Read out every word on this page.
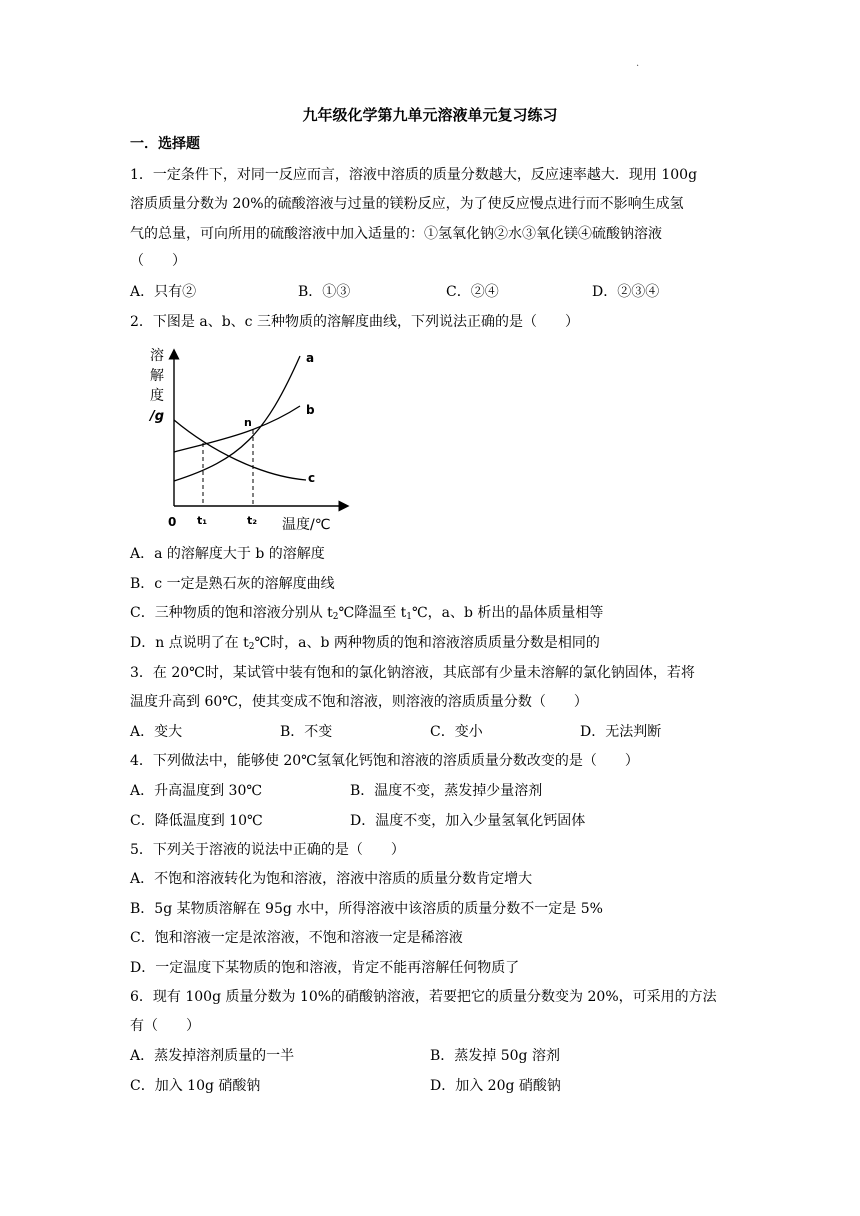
.
九年级化学第九单元溶液单元复习练习
一．选择题
1．一定条件下，对同一反应而言，溶液中溶质的质量分数越大，反应速率越大．现用 100g
溶质质量分数为 20%的硫酸溶液与过量的镁粉反应，为了使反应慢点进行而不影响生成氢
气的总量，可向所用的硫酸溶液中加入适量的：①氢氧化钠②水③氧化镁④硫酸钠溶液
（　　）
A．只有②	B．①③	C．②④	D．②③④
2．下图是 a、b、c 三种物质的溶解度曲线，下列说法正确的是（　　）
溶
解
度
/g
a
b
c
n
0 t₁	t₂ 温度/℃
A．a 的溶解度大于 b 的溶解度
B．c 一定是熟石灰的溶解度曲线
C．三种物质的饱和溶液分别从 $t_2℃$降温至 $t_1℃$，a、b 析出的晶体质量相等
D．n 点说明了在 $t_2℃$时，a、b 两种物质的饱和溶液溶质质量分数是相同的
3．在 20℃时，某试管中装有饱和的氯化钠溶液，其底部有少量未溶解的氯化钠固体，若将
温度升高到 60℃，使其变成不饱和溶液，则溶液的溶质质量分数（　　）
A．变大	B．不变	C．变小	D．无法判断
4．下列做法中，能够使 20℃氢氧化钙饱和溶液的溶质质量分数改变的是（　　）
A．升高温度到 30℃	B．温度不变，蒸发掉少量溶剂
C．降低温度到 10℃	D．温度不变，加入少量氢氧化钙固体
5．下列关于溶液的说法中正确的是（　　）
A．不饱和溶液转化为饱和溶液，溶液中溶质的质量分数肯定增大
B．5g 某物质溶解在 95g 水中，所得溶液中该溶质的质量分数不一定是 5%
C．饱和溶液一定是浓溶液，不饱和溶液一定是稀溶液
D．一定温度下某物质的饱和溶液，肯定不能再溶解任何物质了
6．现有 100g 质量分数为 10%的硝酸钠溶液，若要把它的质量分数变为 20%，可采用的方法
有（　　）
A．蒸发掉溶剂质量的一半	B．蒸发掉 50g 溶剂
C．加入 10g 硝酸钠	D．加入 20g 硝酸钠
